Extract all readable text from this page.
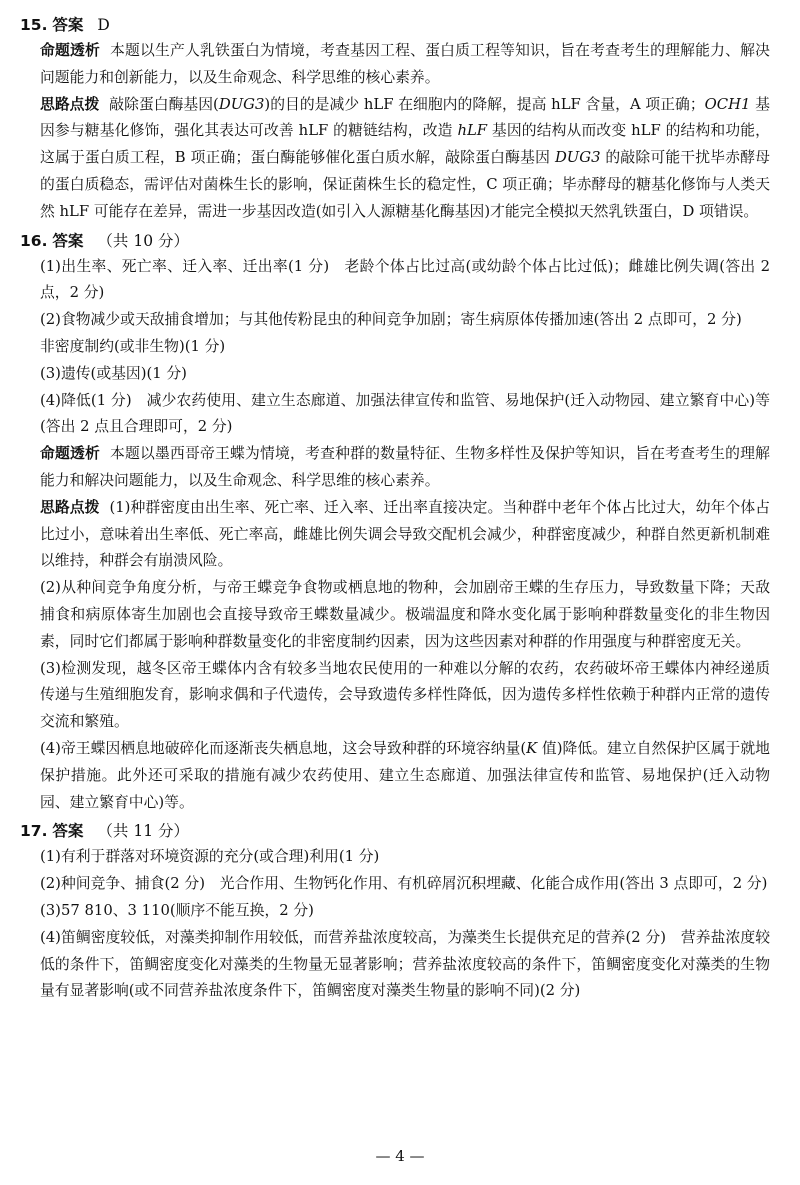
15. 答案 D

命题透析 本题以生产人乳铁蛋白为情境，考查基因工程、蛋白质工程等知识，旨在考查考生的理解能力、解决问题能力和创新能力，以及生命观念、科学思维的核心素养。

思路点拨 敲除蛋白酶基因(DUG3)的目的是减少 hLF 在细胞内的降解，提高 hLF 含量，A 项正确；OCH1 基因参与糖基化修饰，强化其表达可改善 hLF 的糖链结构，改造 hLF 基因的结构从而改变 hLF 的结构和功能，这属于蛋白质工程，B 项正确；蛋白酶能够催化蛋白质水解，敲除蛋白酶基因 DUG3 的敲除可能干扰毕赤酵母的蛋白质稳态，需评估对菌株生长的影响，保证菌株生长的稳定性，C 项正确；毕赤酵母的糖基化修饰与人类天然 hLF 可能存在差异，需进一步基因改造(如引入人源糖基化酶基因)才能完全模拟天然乳铁蛋白，D 项错误。

16. 答案 （共 10 分）

(1)出生率、死亡率、迁入率、迁出率(1 分)　老龄个体占比过高(或幼龄个体占比过低)；雌雄比例失调(答出 2 点，2 分)

(2)食物减少或天敌捕食增加；与其他传粉昆虫的种间竞争加剧；寄生病原体传播加速(答出 2 点即可，2 分)

非密度制约(或非生物)(1 分)

(3)遗传(或基因)(1 分)

(4)降低(1 分)　减少农药使用、建立生态廊道、加强法律宣传和监管、易地保护(迁入动物园、建立繁育中心)等(答出 2 点且合理即可，2 分)

命题透析 本题以墨西哥帝王蝶为情境，考查种群的数量特征、生物多样性及保护等知识，旨在考查考生的理解能力和解决问题能力，以及生命观念、科学思维的核心素养。

思路点拨 (1)种群密度由出生率、死亡率、迁入率、迁出率直接决定。当种群中老年个体占比过大，幼年个体占比过小，意味着出生率低、死亡率高，雌雄比例失调会导致交配机会减少，种群密度减少，种群自然更新机制难以维持，种群会有崩溃风险。

(2)从种间竞争角度分析，与帝王蝶竞争食物或栖息地的物种，会加剧帝王蝶的生存压力，导致数量下降；天敌捕食和病原体寄生加剧也会直接导致帝王蝶数量减少。极端温度和降水变化属于影响种群数量变化的非生物因素，同时它们都属于影响种群数量变化的非密度制约因素，因为这些因素对种群的作用强度与种群密度无关。

(3)检测发现，越冬区帝王蝶体内含有较多当地农民使用的一种难以分解的农药，农药破坏帝王蝶体内神经递质传递与生殖细胞发育，影响求偶和子代遗传，会导致遗传多样性降低，因为遗传多样性依赖于种群内正常的遗传交流和繁殖。

(4)帝王蝶因栖息地破碎化而逐渐丧失栖息地，这会导致种群的环境容纳量(K 值)降低。建立自然保护区属于就地保护措施。此外还可采取的措施有减少农药使用、建立生态廊道、加强法律宣传和监管、易地保护(迁入动物园、建立繁育中心)等。

17. 答案 （共 11 分）

(1)有利于群落对环境资源的充分(或合理)利用(1 分)

(2)种间竞争、捕食(2 分)　光合作用、生物钙化作用、有机碎屑沉积埋藏、化能合成作用(答出 3 点即可，2 分)

(3)57 810、3 110(顺序不能互换，2 分)

(4)笛鲷密度较低，对藻类抑制作用较低，而营养盐浓度较高，为藻类生长提供充足的营养(2 分)　营养盐浓度较低的条件下，笛鲷密度变化对藻类的生物量无显著影响；营养盐浓度较高的条件下，笛鲷密度变化对藻类的生物量有显著影响(或不同营养盐浓度条件下，笛鲷密度对藻类生物量的影响不同)(2 分)

— 4 —
